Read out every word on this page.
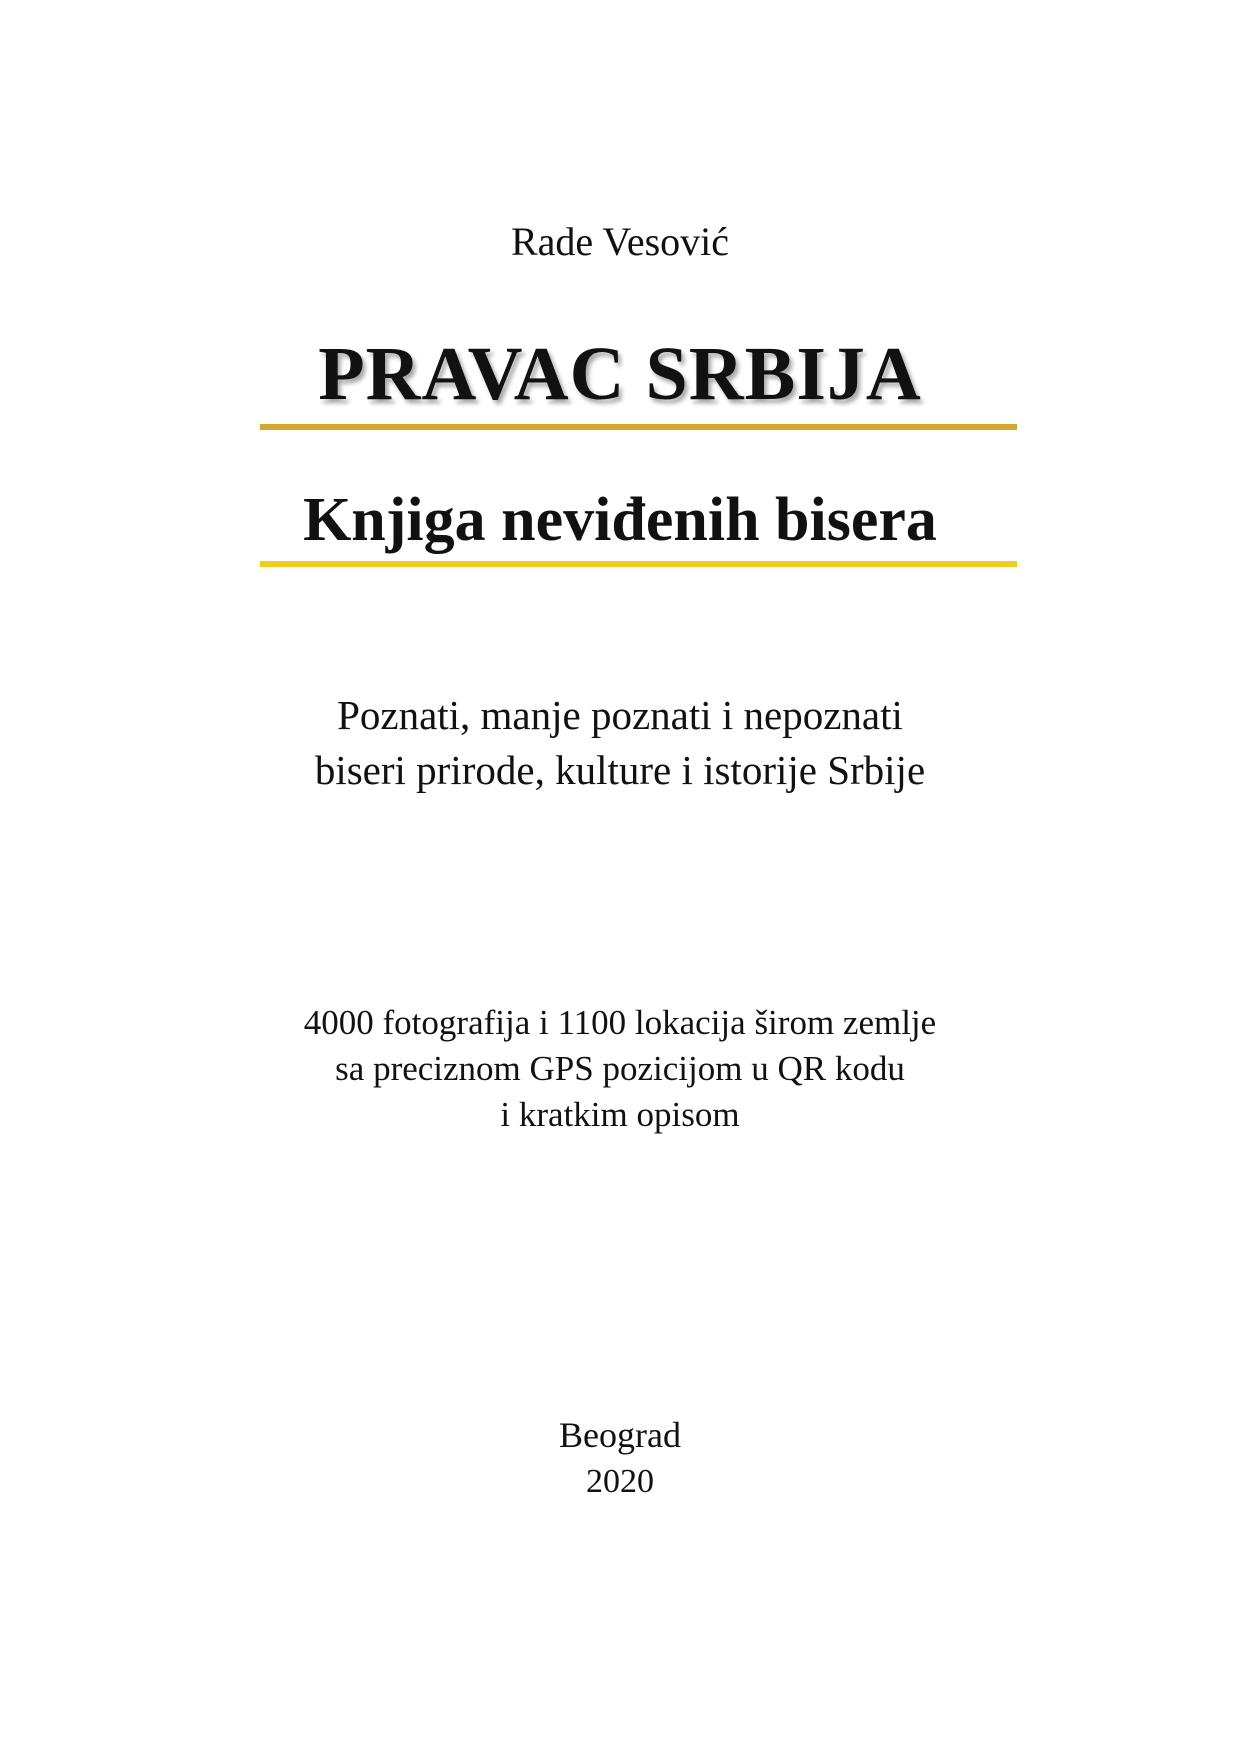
Rade Vesović
PRAVAC SRBIJA
Knjiga neviđenih bisera
Poznati, manje poznati i nepoznati
biseri prirode, kulture i istorije Srbije
4000 fotografija i 1100 lokacija širom zemlje
sa preciznom GPS pozicijom u QR kodu
i kratkim opisom
Beograd
2020
